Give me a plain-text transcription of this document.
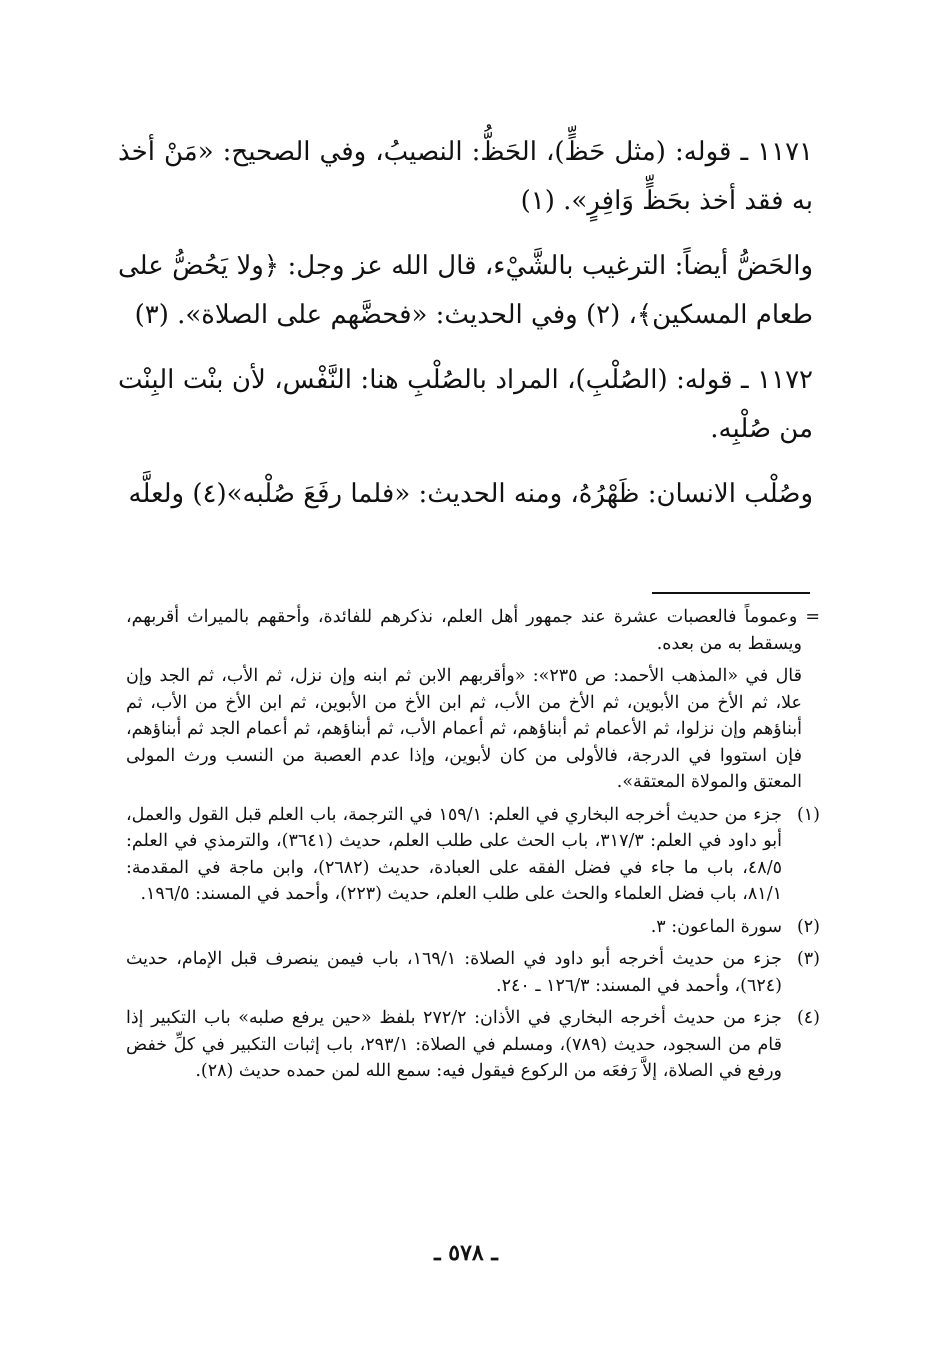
١١٧١ ـ قوله: (مثل حَظٍّ)، الحَظُّ: النصيبُ، وفي الصحيح: «مَنْ أخذ به فقد أخذ بحَظٍّ وَافِرٍ». (١)

والحَضُّ أيضاً: الترغيب بالشَّيْء، قال الله عز وجل: ﴿ولا يَحُضُّ على طعام المسكين﴾، (٢) وفي الحديث: «فحضَّهم على الصلاة». (٣)

١١٧٢ ـ قوله: (الصُلْبِ)، المراد بالصُلْبِ هنا: النَّفْس، لأن بنْت البِنْت من صُلْبِه.

وصُلْب الانسان: ظَهْرُهُ، ومنه الحديث: «فلما رفَعَ صُلْبه»(٤) ولعلَّه

= وعموماً فالعصبات عشرة عند جمهور أهل العلم، نذكرهم للفائدة، وأحقهم بالميراث أقربهم، ويسقط به من بعده.

قال في «المذهب الأحمد: ص ٢٣٥»: «وأقربهم الابن ثم ابنه وإن نزل، ثم الأب، ثم الجد وإن علا، ثم الأخ من الأبوين، ثم الأخ من الأب، ثم ابن الأخ من الأبوين، ثم ابن الأخ من الأب، ثم أبناؤهم وإن نزلوا، ثم الأعمام ثم أبناؤهم، ثم أعمام الأب، ثم أبناؤهم، ثم أعمام الجد ثم أبناؤهم، فإن استووا في الدرجة، فالأولى من كان لأبوين، وإذا عدم العصبة من النسب ورث المولى المعتق والمولاة المعتقة».

(١)
جزء من حديث أخرجه البخاري في العلم: ١٥٩/١ في الترجمة، باب العلم قبل القول والعمل، أبو داود في العلم: ٣١٧/٣، باب الحث على طلب العلم، حديث (٣٦٤١)، والترمذي في العلم: ٤٨/٥، باب ما جاء في فضل الفقه على العبادة، حديث (٢٦٨٢)، وابن ماجة في المقدمة: ٨١/١، باب فضل العلماء والحث على طلب العلم، حديث (٢٢٣)، وأحمد في المسند: ١٩٦/٥.
(٢)
سورة الماعون: ٣.
(٣)
جزء من حديث أخرجه أبو داود في الصلاة: ١٦٩/١، باب فيمن ينصرف قبل الإمام، حديث (٦٢٤)، وأحمد في المسند: ١٢٦/٣ ـ ٢٤٠.
(٤)
جزء من حديث أخرجه البخاري في الأذان: ٢٧٢/٢ بلفظ «حين يرفع صلبه» باب التكبير إذا قام من السجود، حديث (٧٨٩)، ومسلم في الصلاة: ٢٩٣/١، باب إثبات التكبير في كلِّ خفض ورفع في الصلاة، إلاَّ رَفعَه من الركوع فيقول فيه: سمع الله لمن حمده حديث (٢٨).
ـ ٥٧٨ ـ
